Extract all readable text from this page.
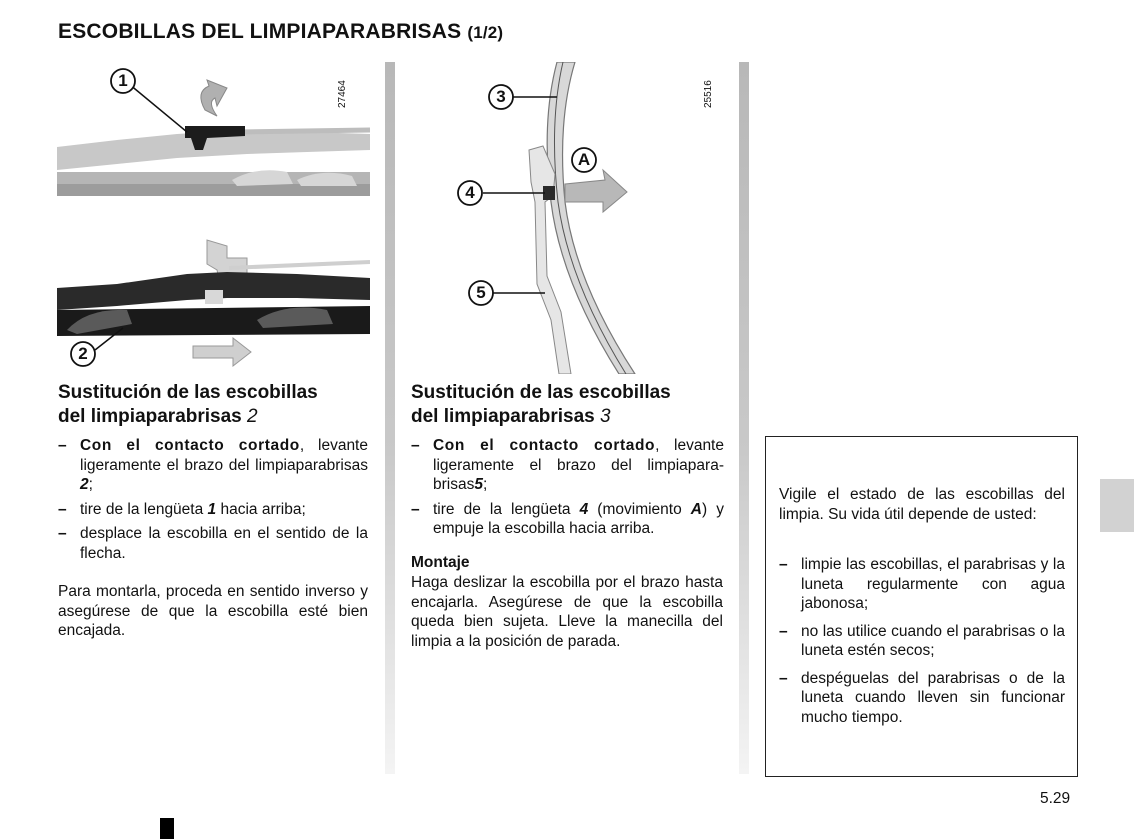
ESCOBILLAS DEL LIMPIAPARABRISAS (1/2)
1
2
27464	3
4
5
A
25516
Sustitución de las escobillas
del limpiaparabrisas 2
– Con el contacto cortado, levante ligeramente el brazo del limpiaparabrisas 2;
– tire de la lengüeta 1 hacia arriba;
– desplace la escobilla en el sentido de la flecha.
Para montarla, proceda en sentido inverso y asegúrese de que la escobilla esté bien encajada.
Sustitución de las escobillas
del limpiaparabrisas 3
– Con el contacto cortado, levante ligeramente el brazo del limpiaparabrisas5;
– tire de la lengüeta 4 (movimiento A) y empuje la escobilla hacia arriba.
Montaje
Haga deslizar la escobilla por el brazo hasta encajarla. Asegúrese de que la escobilla queda bien sujeta. Lleve la manecilla del limpia a la posición de parada.
Vigile el estado de las escobillas del limpia. Su vida útil depende de usted:
– limpie las escobillas, el parabrisas y la luneta regularmente con agua jabonosa;
– no las utilice cuando el parabrisas o la luneta estén secos;
– despéguelas del parabrisas o de la luneta cuando lleven sin funcionar mucho tiempo.
5.29
